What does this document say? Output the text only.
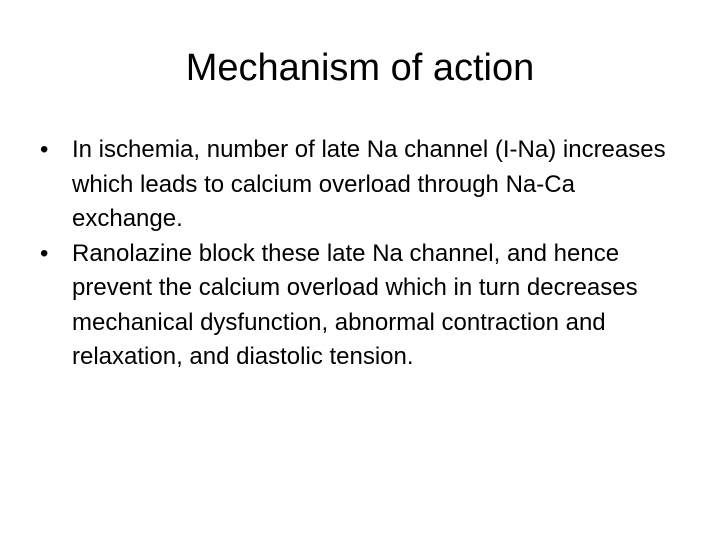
Mechanism of action
• In ischemia, number of late Na channel (I-Na) increases which leads to calcium overload through Na-Ca exchange.
• Ranolazine block these late Na channel, and hence prevent the calcium overload which in turn decreases mechanical dysfunction, abnormal contraction and relaxation, and diastolic tension.
